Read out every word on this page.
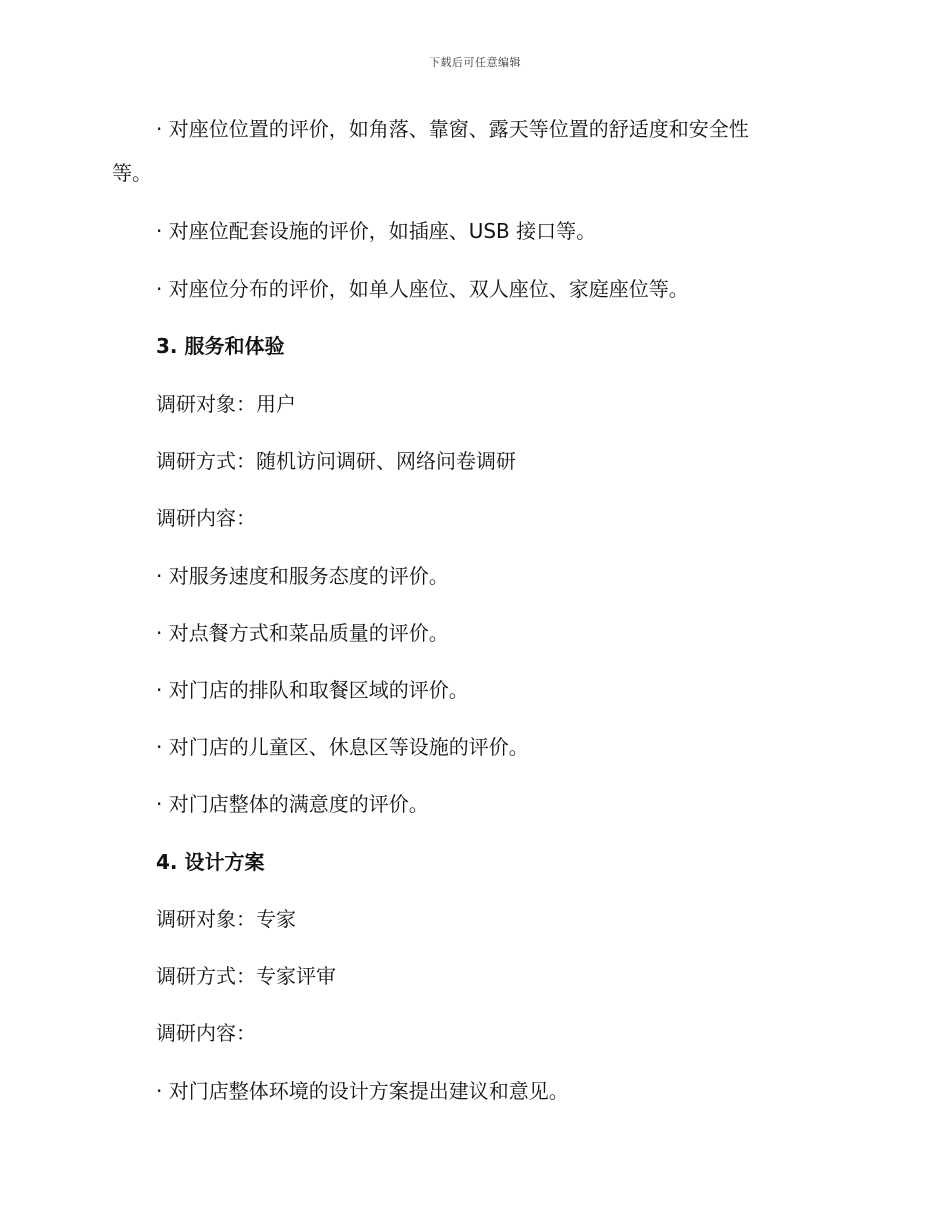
下载后可任意编辑
· 对座位位置的评价，如角落、靠窗、露天等位置的舒适度和安全性
等。
· 对座位配套设施的评价，如插座、USB 接口等。
· 对座位分布的评价，如单人座位、双人座位、家庭座位等。
3. 服务和体验
调研对象：用户
调研方式：随机访问调研、网络问卷调研
调研内容：
· 对服务速度和服务态度的评价。
· 对点餐方式和菜品质量的评价。
· 对门店的排队和取餐区域的评价。
· 对门店的儿童区、休息区等设施的评价。
· 对门店整体的满意度的评价。
4. 设计方案
调研对象：专家
调研方式：专家评审
调研内容：
· 对门店整体环境的设计方案提出建议和意见。
